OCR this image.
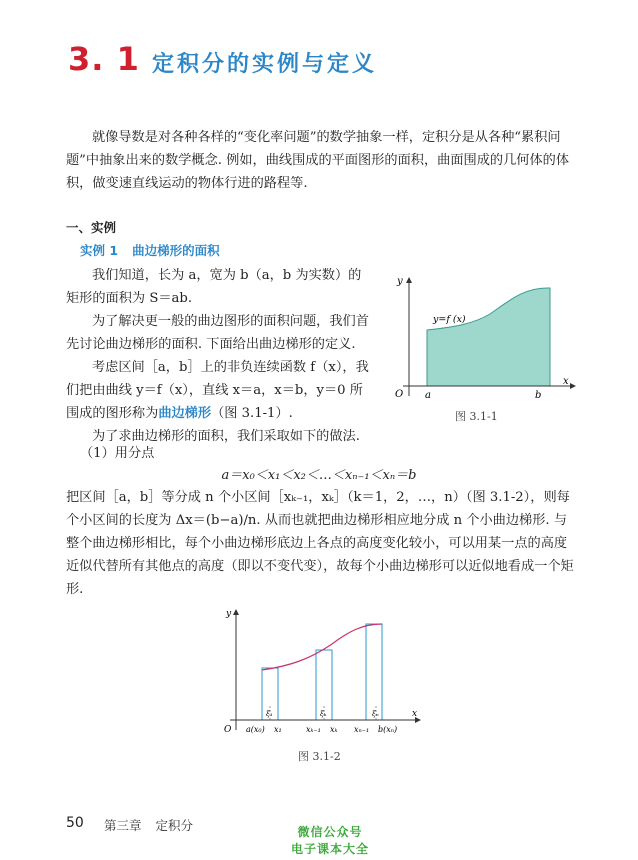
3. 1 定积分的实例与定义
就像导数是对各种各样的“变化率问题”的数学抽象一样，定积分是从各种“累积问题”中抽象出来的数学概念. 例如，曲线围成的平面图形的面积，曲面围成的几何体的体积，做变速直线运动的物体行进的路程等.
一、实例
实例 1 曲边梯形的面积

我们知道，长为 a，宽为 b（a，b 为实数）的矩形的面积为 S＝ab.

为了解决更一般的曲边图形的面积问题，我们首先讨论曲边梯形的面积. 下面给出曲边梯形的定义.

考虑区间［a，b］上的非负连续函数 f（x），我们把由曲线 y＝f（x），直线 x＝a，x＝b，y＝0 所围成的图形称为曲边梯形（图 3.1-1）.

为了求曲边梯形的面积，我们采取如下的做法.

（1）用分点
a＝x₀＜x₁＜x₂＜…＜xₙ₋₁＜xₙ＝b
把区间［a，b］等分成 n 个小区间［xₖ₋₁，xₖ］（k＝1，2，…，n）（图 3.1-2），则每个小区间的长度为 Δx＝(b−a)/n. 从而也就把曲边梯形相应地分成 n 个小曲边梯形. 与整个曲边梯形相比，每个小曲边梯形底边上各点的高度变化较小，可以用某一点的高度近似代替所有其他点的高度（即以不变代变），故每个小曲边梯形可以近似地看成一个矩形.
y
x
O a	b
y=f (x)
图 3.1-1
ξ₁	ξₖ	ξₙ
y
x
O a(x₀) x₁	xₖ₋₁ xₖ xₙ₋₁ b(xₙ)
图 3.1-2
50 第三章 定积分	微信公众号
电子课本大全
